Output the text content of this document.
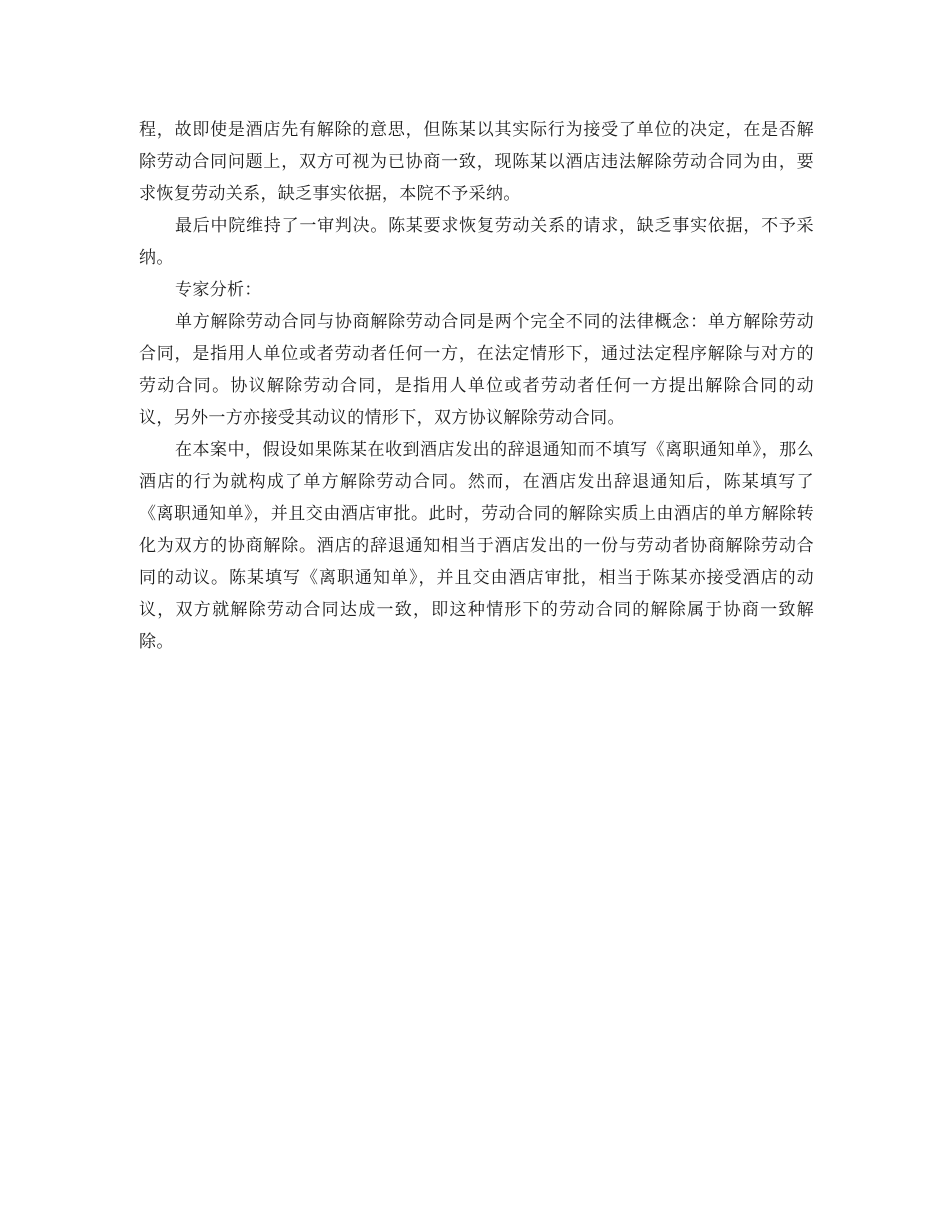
程，故即使是酒店先有解除的意思，但陈某以其实际行为接受了单位的决定，在是否解除劳动合同问题上，双方可视为已协商一致，现陈某以酒店违法解除劳动合同为由，要求恢复劳动关系，缺乏事实依据，本院不予采纳。

最后中院维持了一审判决。陈某要求恢复劳动关系的请求，缺乏事实依据，不予采纳。

专家分析：

单方解除劳动合同与协商解除劳动合同是两个完全不同的法律概念：单方解除劳动合同，是指用人单位或者劳动者任何一方，在法定情形下，通过法定程序解除与对方的劳动合同。协议解除劳动合同，是指用人单位或者劳动者任何一方提出解除合同的动议，另外一方亦接受其动议的情形下，双方协议解除劳动合同。

在本案中，假设如果陈某在收到酒店发出的辞退通知而不填写《离职通知单》，那么酒店的行为就构成了单方解除劳动合同。然而，在酒店发出辞退通知后，陈某填写了《离职通知单》，并且交由酒店审批。此时，劳动合同的解除实质上由酒店的单方解除转化为双方的协商解除。酒店的辞退通知相当于酒店发出的一份与劳动者协商解除劳动合同的动议。陈某填写《离职通知单》，并且交由酒店审批，相当于陈某亦接受酒店的动议，双方就解除劳动合同达成一致，即这种情形下的劳动合同的解除属于协商一致解除。
